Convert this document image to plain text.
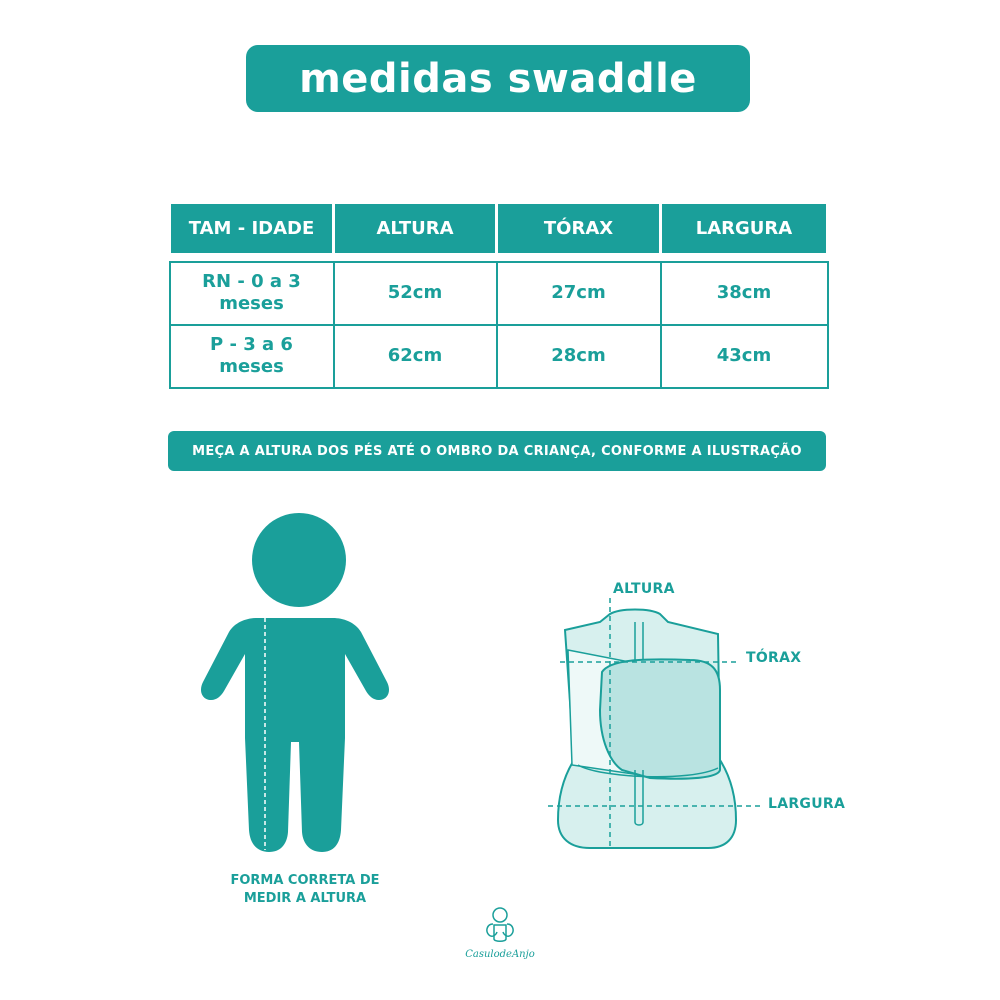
medidas swaddle
TAM - IDADE	ALTURA	TÓRAX	LARGURA

RN - 0 a 3
meses	52cm	27cm	38cm

P - 3 a 6
meses	62cm	28cm	43cm
MEÇA A ALTURA DOS PÉS ATÉ O OMBRO DA CRIANÇA, CONFORME A ILUSTRAÇÃO
FORMA CORRETA DE
MEDIR A ALTURA
ALTURA
TÓRAX
LARGURA
CasulodeAnjo
